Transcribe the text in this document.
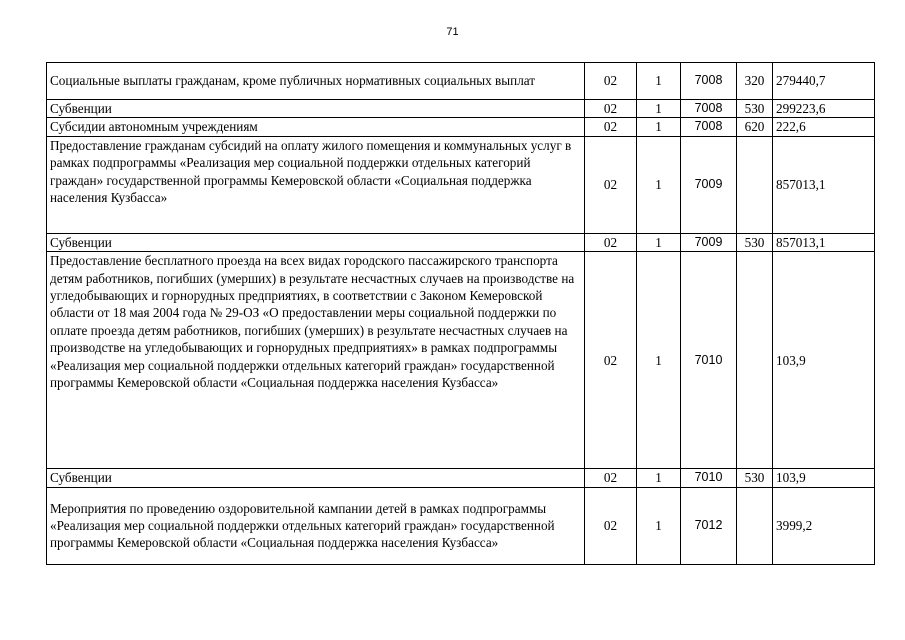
71
Социальные выплаты гражданам, кроме публичных нормативных социальных выплат	02	1	7008	320	279440,7
Субвенции	02	1	7008	530	299223,6
Субсидии автономным учреждениям	02	1	7008	620	222,6
Предоставление гражданам субсидий на оплату жилого помещения и коммунальных услуг в рамках подпрограммы «Реализация мер социальной поддержки отдельных категорий граждан» государственной программы Кемеровской области «Социальная поддержка населения Кузбасса»	02	1	7009		857013,1
Субвенции	02	1	7009	530	857013,1
Предоставление бесплатного проезда на всех видах городского пассажирского транспорта детям работников, погибших (умерших) в результате несчастных случаев на производстве на угледобывающих и горнорудных предприятиях, в соответствии с Законом Кемеровской области от 18 мая 2004 года № 29-ОЗ «О предоставлении меры социальной поддержки по оплате проезда детям работников, погибших (умерших) в результате несчастных случаев на производстве на угледобывающих и горнорудных предприятиях» в рамках подпрограммы «Реализация мер социальной поддержки отдельных категорий граждан» государственной программы Кемеровской области «Социальная поддержка населения Кузбасса»	02	1	7010		103,9
Субвенции	02	1	7010	530	103,9
Мероприятия по проведению оздоровительной кампании детей в рамках подпрограммы «Реализация мер социальной поддержки отдельных категорий граждан» государственной программы Кемеровской области «Социальная поддержка населения Кузбасса»	02	1	7012		3999,2
